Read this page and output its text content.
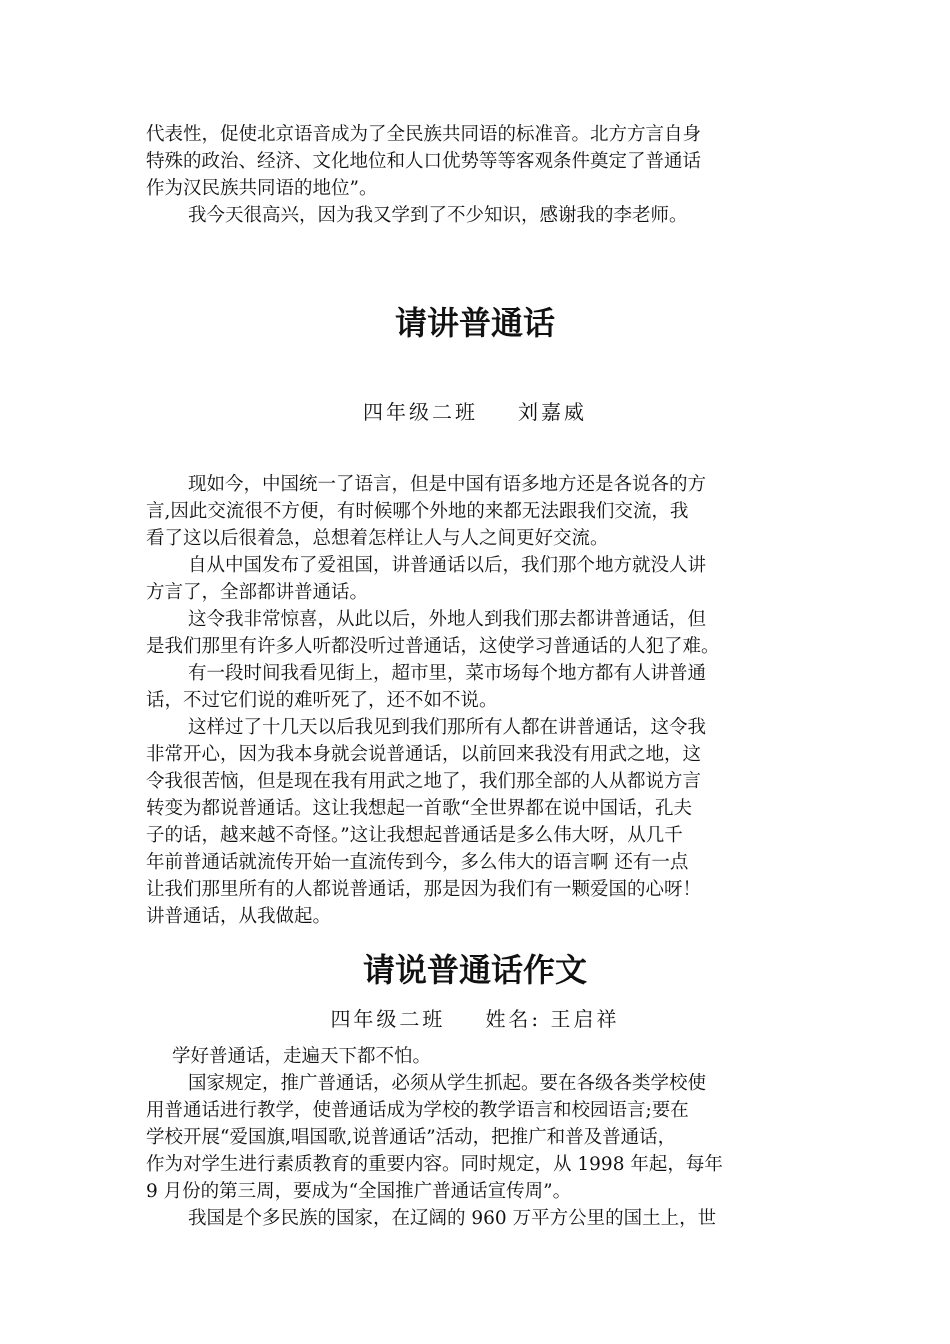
代表性，促使北京语音成为了全民族共同语的标准音。北方方言自身
特殊的政治、经济、文化地位和人口优势等等客观条件奠定了普通话
作为汉民族共同语的地位”。
我今天很高兴，因为我又学到了不少知识，感谢我的李老师。
请讲普通话
四年级二班 刘嘉威
现如今，中国统一了语言，但是中国有语多地方还是各说各的方
言,因此交流很不方便，有时候哪个外地的来都无法跟我们交流，我
看了这以后很着急，总想着怎样让人与人之间更好交流。
自从中国发布了爱祖国，讲普通话以后，我们那个地方就没人讲
方言了，全部都讲普通话。
这令我非常惊喜，从此以后，外地人到我们那去都讲普通话，但
是我们那里有许多人听都没听过普通话，这使学习普通话的人犯了难。
有一段时间我看见街上，超市里，菜市场每个地方都有人讲普通
话，不过它们说的难听死了，还不如不说。
这样过了十几天以后我见到我们那所有人都在讲普通话，这令我
非常开心，因为我本身就会说普通话，以前回来我没有用武之地，这
令我很苦恼，但是现在我有用武之地了，我们那全部的人从都说方言
转变为都说普通话。这让我想起一首歌“全世界都在说中国话，孔夫
子的话，越来越不奇怪。”这让我想起普通话是多么伟大呀，从几千
年前普通话就流传开始一直流传到今，多么伟大的语言啊 还有一点
让我们那里所有的人都说普通话，那是因为我们有一颗爱国的心呀！
讲普通话，从我做起。
请说普通话作文
四年级二班 姓名: 王启祥
学好普通话，走遍天下都不怕。
国家规定，推广普通话，必须从学生抓起。要在各级各类学校使
用普通话进行教学，使普通话成为学校的教学语言和校园语言;要在
学校开展“爱国旗,唱国歌,说普通话”活动，把推广和普及普通话，
作为对学生进行素质教育的重要内容。同时规定，从 1998 年起，每年
9 月份的第三周，要成为“全国推广普通话宣传周”。
我国是个多民族的国家，在辽阔的 960 万平方公里的国土上，世
